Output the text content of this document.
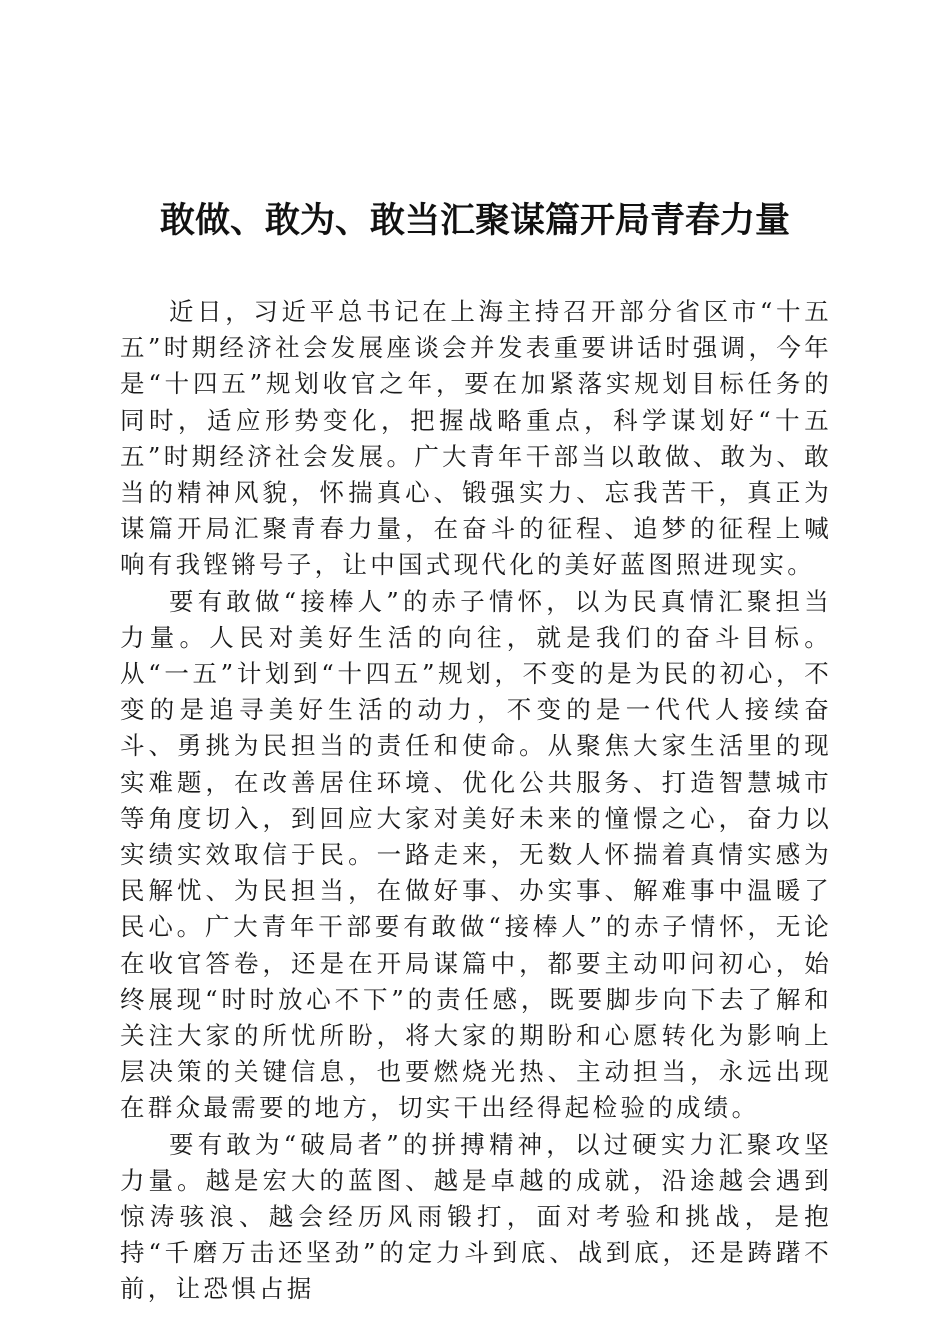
敢做、敢为、敢当汇聚谋篇开局青春力量

近日，习近平总书记在上海主持召开部分省区市“十五五”时期经济社会发展座谈会并发表重要讲话时强调，今年是“十四五”规划收官之年，要在加紧落实规划目标任务的同时，适应形势变化，把握战略重点，科学谋划好“十五五”时期经济社会发展。广大青年干部当以敢做、敢为、敢当的精神风貌，怀揣真心、锻强实力、忘我苦干，真正为谋篇开局汇聚青春力量，在奋斗的征程、追梦的征程上喊响有我铿锵号子，让中国式现代化的美好蓝图照进现实。

要有敢做“接棒人”的赤子情怀，以为民真情汇聚担当力量。人民对美好生活的向往，就是我们的奋斗目标。从“一五”计划到“十四五”规划，不变的是为民的初心，不变的是追寻美好生活的动力，不变的是一代代人接续奋斗、勇挑为民担当的责任和使命。从聚焦大家生活里的现实难题，在改善居住环境、优化公共服务、打造智慧城市等角度切入，到回应大家对美好未来的憧憬之心，奋力以实绩实效取信于民。一路走来，无数人怀揣着真情实感为民解忧、为民担当，在做好事、办实事、解难事中温暖了民心。广大青年干部要有敢做“接棒人”的赤子情怀，无论在收官答卷，还是在开局谋篇中，都要主动叩问初心，始终展现“时时放心不下”的责任感，既要脚步向下去了解和关注大家的所忧所盼，将大家的期盼和心愿转化为影响上层决策的关键信息，也要燃烧光热、主动担当，永远出现在群众最需要的地方，切实干出经得起检验的成绩。

要有敢为“破局者”的拼搏精神，以过硬实力汇聚攻坚力量。越是宏大的蓝图、越是卓越的成就，沿途越会遇到惊涛骇浪、越会经历风雨锻打，面对考验和挑战，是抱持“千磨万击还坚劲”的定力斗到底、战到底，还是踌躇不前，让恐惧占据
